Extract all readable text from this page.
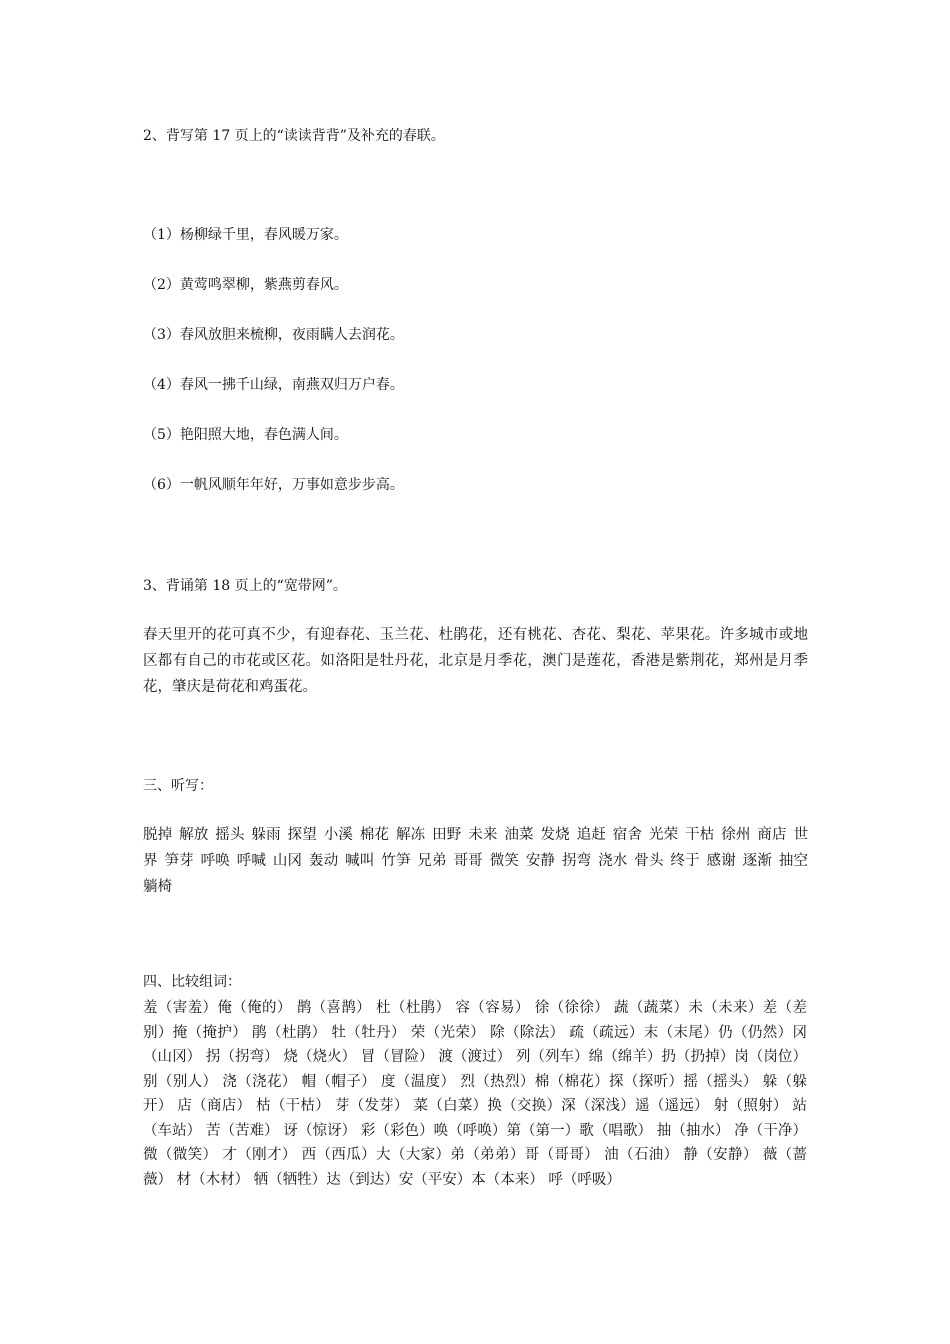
2、背写第 17 页上的“读读背背”及补充的春联。
（1）杨柳绿千里，春风暖万家。
（2）黄莺鸣翠柳，紫燕剪春风。
（3）春风放胆来梳柳，夜雨瞒人去润花。
（4）春风一拂千山绿，南燕双归万户春。
（5）艳阳照大地，春色满人间。
（6）一帆风顺年年好，万事如意步步高。
3、背诵第 18 页上的“宽带网”。
春天里开的花可真不少，有迎春花、玉兰花、杜鹃花，还有桃花、杏花、梨花、苹果花。许多城市或地区都有自己的市花或区花。如洛阳是牡丹花，北京是月季花，澳门是莲花，香港是紫荆花，郑州是月季花，肇庆是荷花和鸡蛋花。
三、听写：
脱掉 解放 摇头 躲雨 探望 小溪 棉花 解冻 田野 未来 油菜 发烧 追赶 宿舍 光荣 干枯 徐州 商店 世界 笋芽 呼唤 呼喊 山冈 轰动 喊叫 竹笋 兄弟 哥哥 微笑 安静 拐弯 浇水 骨头 终于 感谢 逐渐 抽空躺椅
四、比较组词：
羞（害羞）俺（俺的） 鹊（喜鹊） 杜（杜鹃） 容（容易） 徐（徐徐） 蔬（蔬菜）未（未来）差（差别）掩（掩护） 鹃（杜鹃） 牡（牡丹） 荣（光荣） 除（除法） 疏（疏远）末（末尾）仍（仍然）冈（山冈） 拐（拐弯） 烧（烧火） 冒（冒险） 渡（渡过） 列（列车）绵（绵羊）扔（扔掉）岗（岗位）别（别人） 浇（浇花） 帽（帽子） 度（温度） 烈（热烈）棉（棉花）探（探听）摇（摇头） 躲（躲开） 店（商店） 枯（干枯） 芽（发芽） 菜（白菜）换（交换）深（深浅）遥（遥远） 射（照射） 站（车站） 苦（苦难） 讶（惊讶） 彩（彩色）唤（呼唤）第（第一）歌（唱歌） 抽（抽水） 净（干净）微（微笑） 才（刚才） 西（西瓜）大（大家）弟（弟弟）哥（哥哥） 油（石油） 静（安静） 薇（蔷薇） 材（木材） 牺（牺牲）达（到达）安（平安）本（本来） 呼（呼吸）
